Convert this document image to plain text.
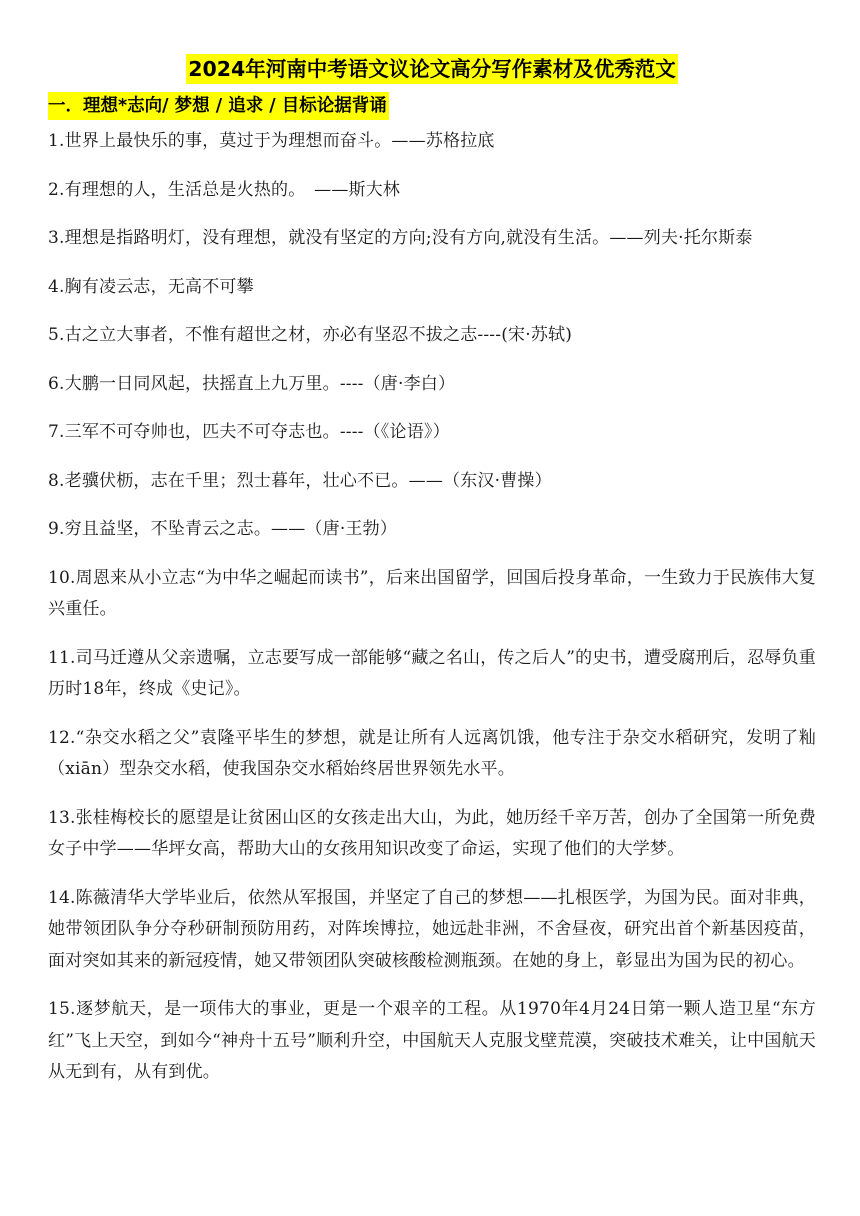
2024年河南中考语文议论文高分写作素材及优秀范文
一．理想*志向/ 梦想 / 追求 / 目标论据背诵
1.世界上最快乐的事，莫过于为理想而奋斗。——苏格拉底
2.有理想的人，生活总是火热的。　——斯大林
3.理想是指路明灯，没有理想，就没有坚定的方向;没有方向,就没有生活。——列夫·托尔斯泰
4.胸有凌云志，无高不可攀
5.古之立大事者，不惟有超世之材，亦必有坚忍不拔之志----(宋·苏轼)
6.大鹏一日同风起，扶摇直上九万里。----（唐·李白）
7.三军不可夺帅也，匹夫不可夺志也。----（《论语》）
8.老骥伏枥，志在千里；烈士暮年，壮心不已。——（东汉·曹操）
9.穷且益坚，不坠青云之志。——（唐·王勃）
10.周恩来从小立志“为中华之崛起而读书”，后来出国留学，回国后投身革命，一生致力于民族伟大复兴重任。
11.司马迁遵从父亲遗嘱，立志要写成一部能够“藏之名山，传之后人”的史书，遭受腐刑后，忍辱负重历时18年，终成《史记》。
12.“杂交水稻之父”袁隆平毕生的梦想，就是让所有人远离饥饿，他专注于杂交水稻研究，发明了籼（xiān）型杂交水稻，使我国杂交水稻始终居世界领先水平。
13.张桂梅校长的愿望是让贫困山区的女孩走出大山，为此，她历经千辛万苦，创办了全国第一所免费女子中学——华坪女高，帮助大山的女孩用知识改变了命运，实现了他们的大学梦。
14.陈薇清华大学毕业后，依然从军报国，并坚定了自己的梦想——扎根医学，为国为民。面对非典，她带领团队争分夺秒研制预防用药，对阵埃博拉，她远赴非洲，不舍昼夜，研究出首个新基因疫苗，面对突如其来的新冠疫情，她又带领团队突破核酸检测瓶颈。在她的身上，彰显出为国为民的初心。
15.逐梦航天，是一项伟大的事业，更是一个艰辛的工程。从1970年4月24日第一颗人造卫星“东方红”飞上天空，到如今“神舟十五号”顺利升空，中国航天人克服戈壁荒漠，突破技术难关，让中国航天从无到有，从有到优。
